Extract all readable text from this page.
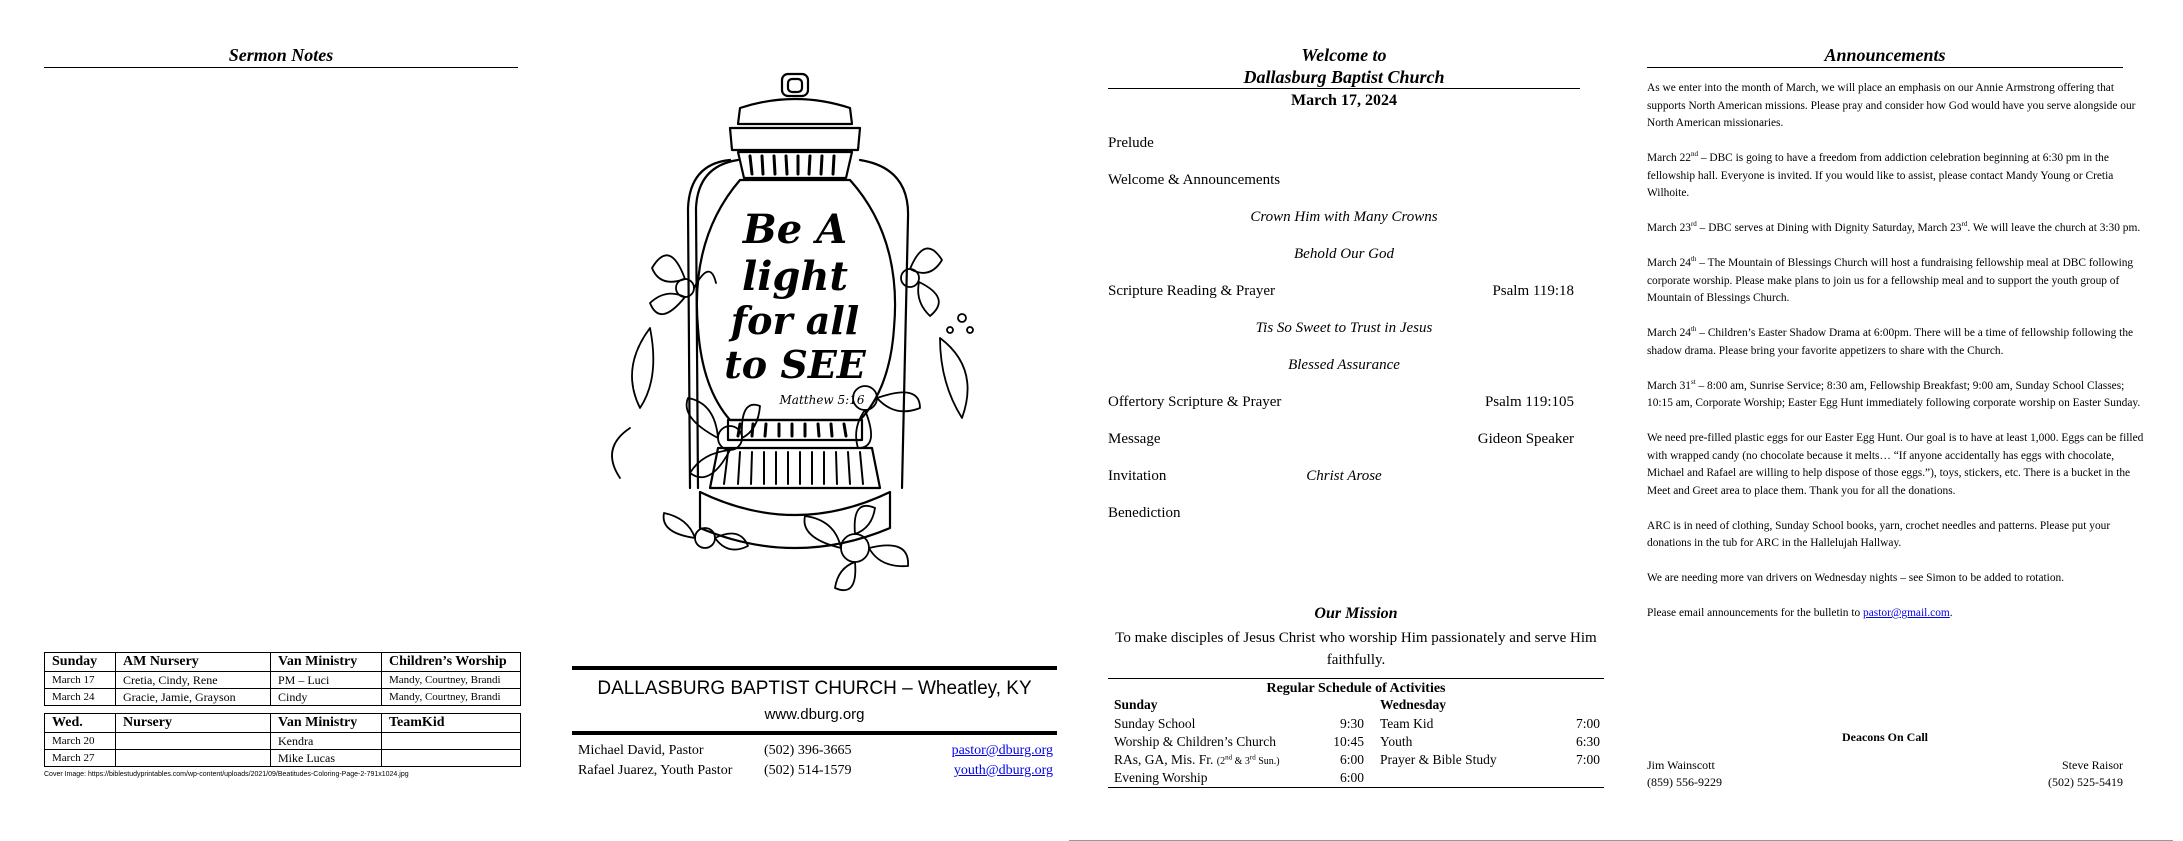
Sermon Notes
Sunday	AM Nursery	Van Ministry	Children’s Worship
March 17	Cretia, Cindy, Rene	PM – Luci	Mandy, Courtney, Brandi
March 24	Gracie, Jamie, Grayson	Cindy	Mandy, Courtney, Brandi
Wed.	Nursery	Van Ministry	TeamKid
March 20		Kendra	
March 27		Mike Lucas	
Cover Image: https://biblestudyprintables.com/wp-content/uploads/2021/09/Beatitudes-Coloring-Page-2-791x1024.jpg
Be A
light
for all
to SEE
Matthew 5:16
DALLASBURG BAPTIST CHURCH – Wheatley, KY
www.dburg.org
Michael David, Pastor	(502) 396-3665	pastor@dburg.org
Rafael Juarez, Youth Pastor	(502) 514-1579	youth@dburg.org
Welcome to
Dallasburg Baptist Church
March 17, 2024
Prelude
Welcome & Announcements
Crown Him with Many Crowns
Behold Our God
Scripture Reading & Prayer	Psalm 119:18
Tis So Sweet to Trust in Jesus
Blessed Assurance
Offertory Scripture & Prayer	Psalm 119:105
Message	Gideon Speaker
Invitation	Christ Arose
Benediction
Our Mission
To make disciples of Jesus Christ who worship Him passionately and serve Him faithfully.
Regular Schedule of Activities
Sunday
Sunday School	9:30
Worship & Children’s Church	10:45
RAs, GA, Mis. Fr. (2nd & 3rd Sun.)	6:00
Evening Worship	6:00
Wednesday
Team Kid	7:00
Youth	6:30
Prayer & Bible Study	7:00
Announcements

As we enter into the month of March, we will place an emphasis on our Annie Armstrong offering that supports North American missions. Please pray and consider how God would have you serve alongside our North American missionaries.

March 22nd – DBC is going to have a freedom from addiction celebration beginning at 6:30 pm in the fellowship hall. Everyone is invited. If you would like to assist, please contact Mandy Young or Cretia Wilhoite.

March 23rd – DBC serves at Dining with Dignity Saturday, March 23rd. We will leave the church at 3:30 pm.

March 24th – The Mountain of Blessings Church will host a fundraising fellowship meal at DBC following corporate worship. Please make plans to join us for a fellowship meal and to support the youth group of Mountain of Blessings Church.

March 24th – Children’s Easter Shadow Drama at 6:00pm. There will be a time of fellowship following the shadow drama. Please bring your favorite appetizers to share with the Church.

March 31st – 8:00 am, Sunrise Service; 8:30 am, Fellowship Breakfast; 9:00 am, Sunday School Classes; 10:15 am, Corporate Worship; Easter Egg Hunt immediately following corporate worship on Easter Sunday.

We need pre-filled plastic eggs for our Easter Egg Hunt. Our goal is to have at least 1,000. Eggs can be filled with wrapped candy (no chocolate because it melts… “If anyone accidentally has eggs with chocolate, Michael and Rafael are willing to help dispose of those eggs.”), toys, stickers, etc. There is a bucket in the Meet and Greet area to place them. Thank you for all the donations.

ARC is in need of clothing, Sunday School books, yarn, crochet needles and patterns. Please put your donations in the tub for ARC in the Hallelujah Hallway.

We are needing more van drivers on Wednesday nights – see Simon to be added to rotation.

Please email announcements for the bulletin to pastor@gmail.com.

Deacons On Call
Jim Wainscott
(859) 556-9229
Steve Raisor
(502) 525-5419
